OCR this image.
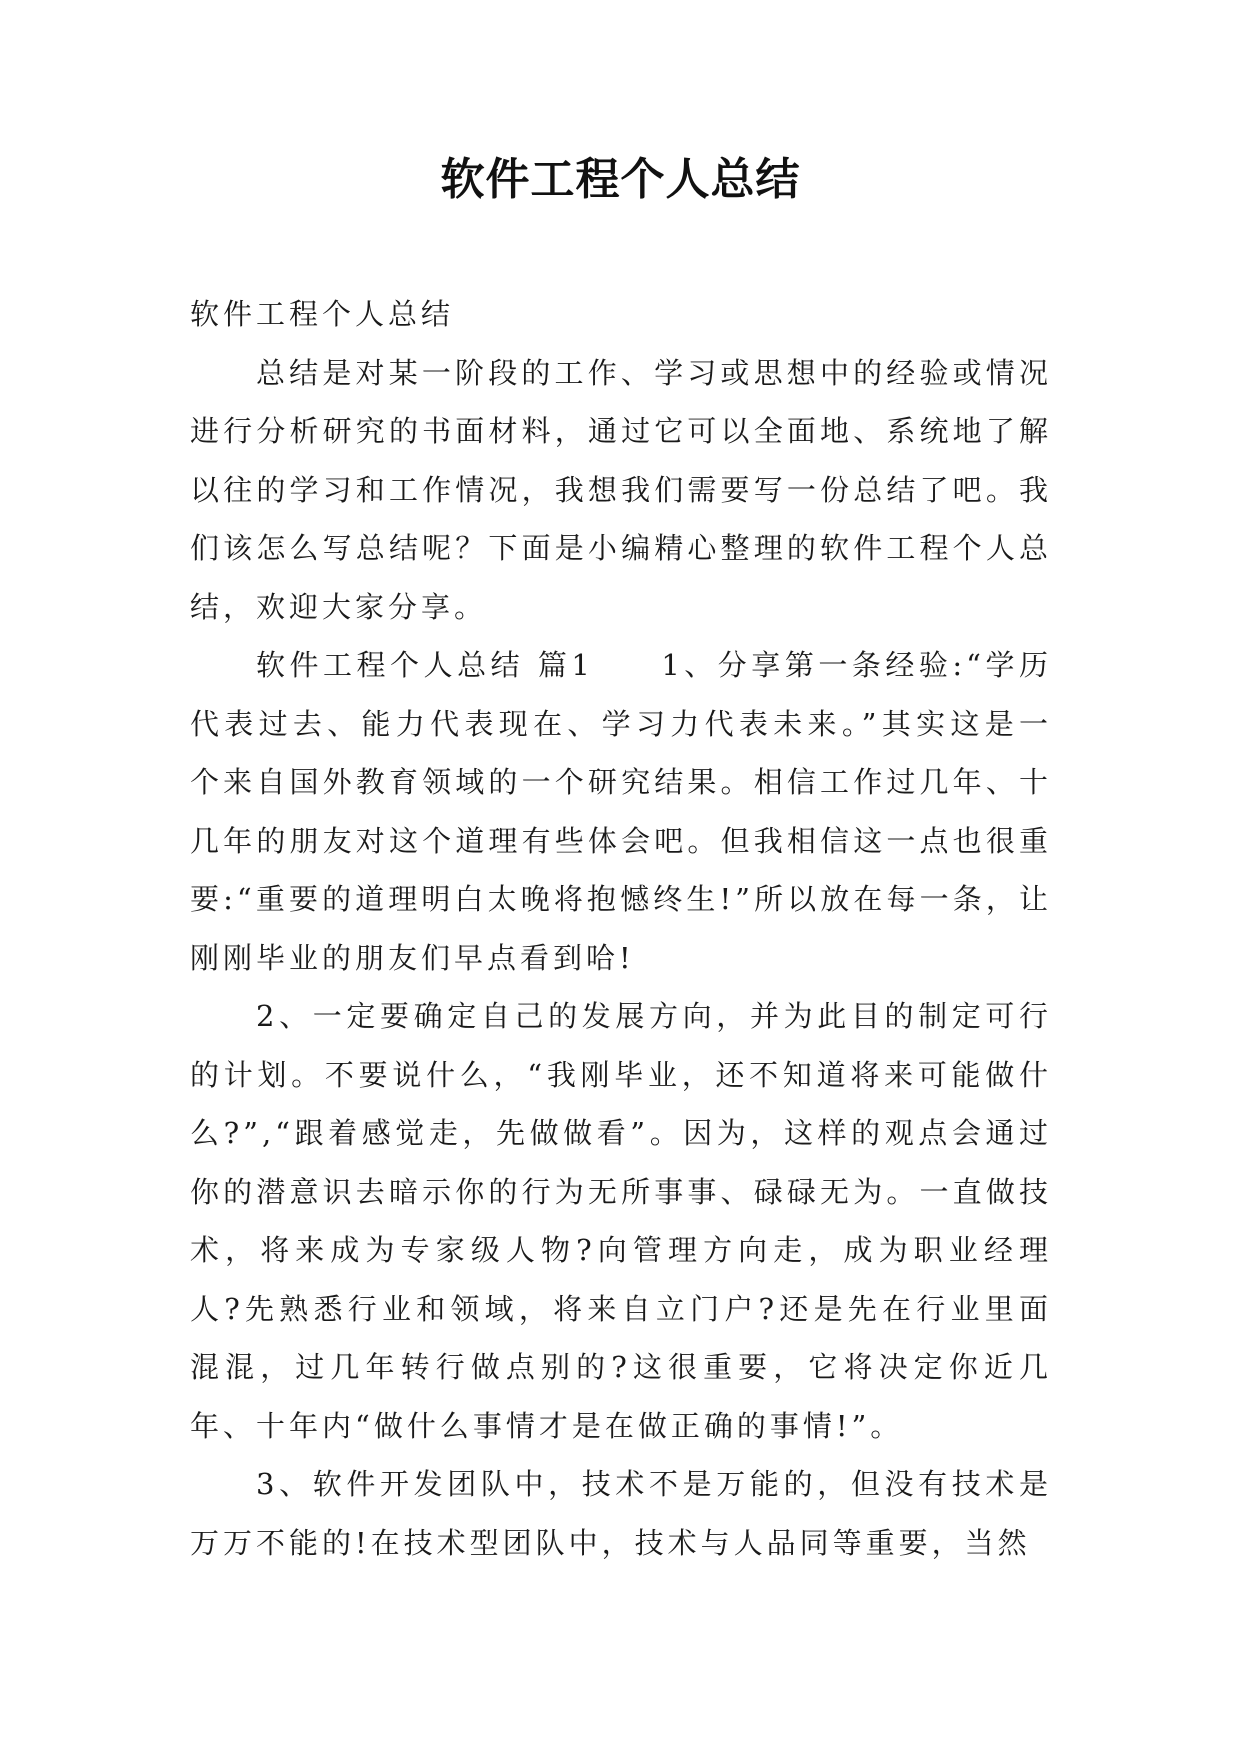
软件工程个人总结

软件工程个人总结

总结是对某一阶段的工作、学习或思想中的经验或情况进行分析研究的书面材料，通过它可以全面地、系统地了解以往的学习和工作情况，我想我们需要写一份总结了吧。我们该怎么写总结呢？下面是小编精心整理的软件工程个人总结，欢迎大家分享。

软件工程个人总结 篇1　　1、分享第一条经验:“学历代表过去、能力代表现在、学习力代表未来。”其实这是一个来自国外教育领域的一个研究结果。相信工作过几年、十几年的朋友对这个道理有些体会吧。但我相信这一点也很重要:“重要的道理明白太晚将抱憾终生!”所以放在每一条，让刚刚毕业的朋友们早点看到哈!

2、一定要确定自己的发展方向，并为此目的制定可行的计划。不要说什么，“我刚毕业，还不知道将来可能做什么?”,“跟着感觉走，先做做看”。因为，这样的观点会通过你的潜意识去暗示你的行为无所事事、碌碌无为。一直做技术，将来成为专家级人物?向管理方向走，成为职业经理人?先熟悉行业和领域，将来自立门户?还是先在行业里面混混，过几年转行做点别的?这很重要，它将决定你近几年、十年内“做什么事情才是在做正确的事情!”。

3、软件开发团队中，技术不是万能的，但没有技术是万万不能的!在技术型团队中，技术与人品同等重要，当然
